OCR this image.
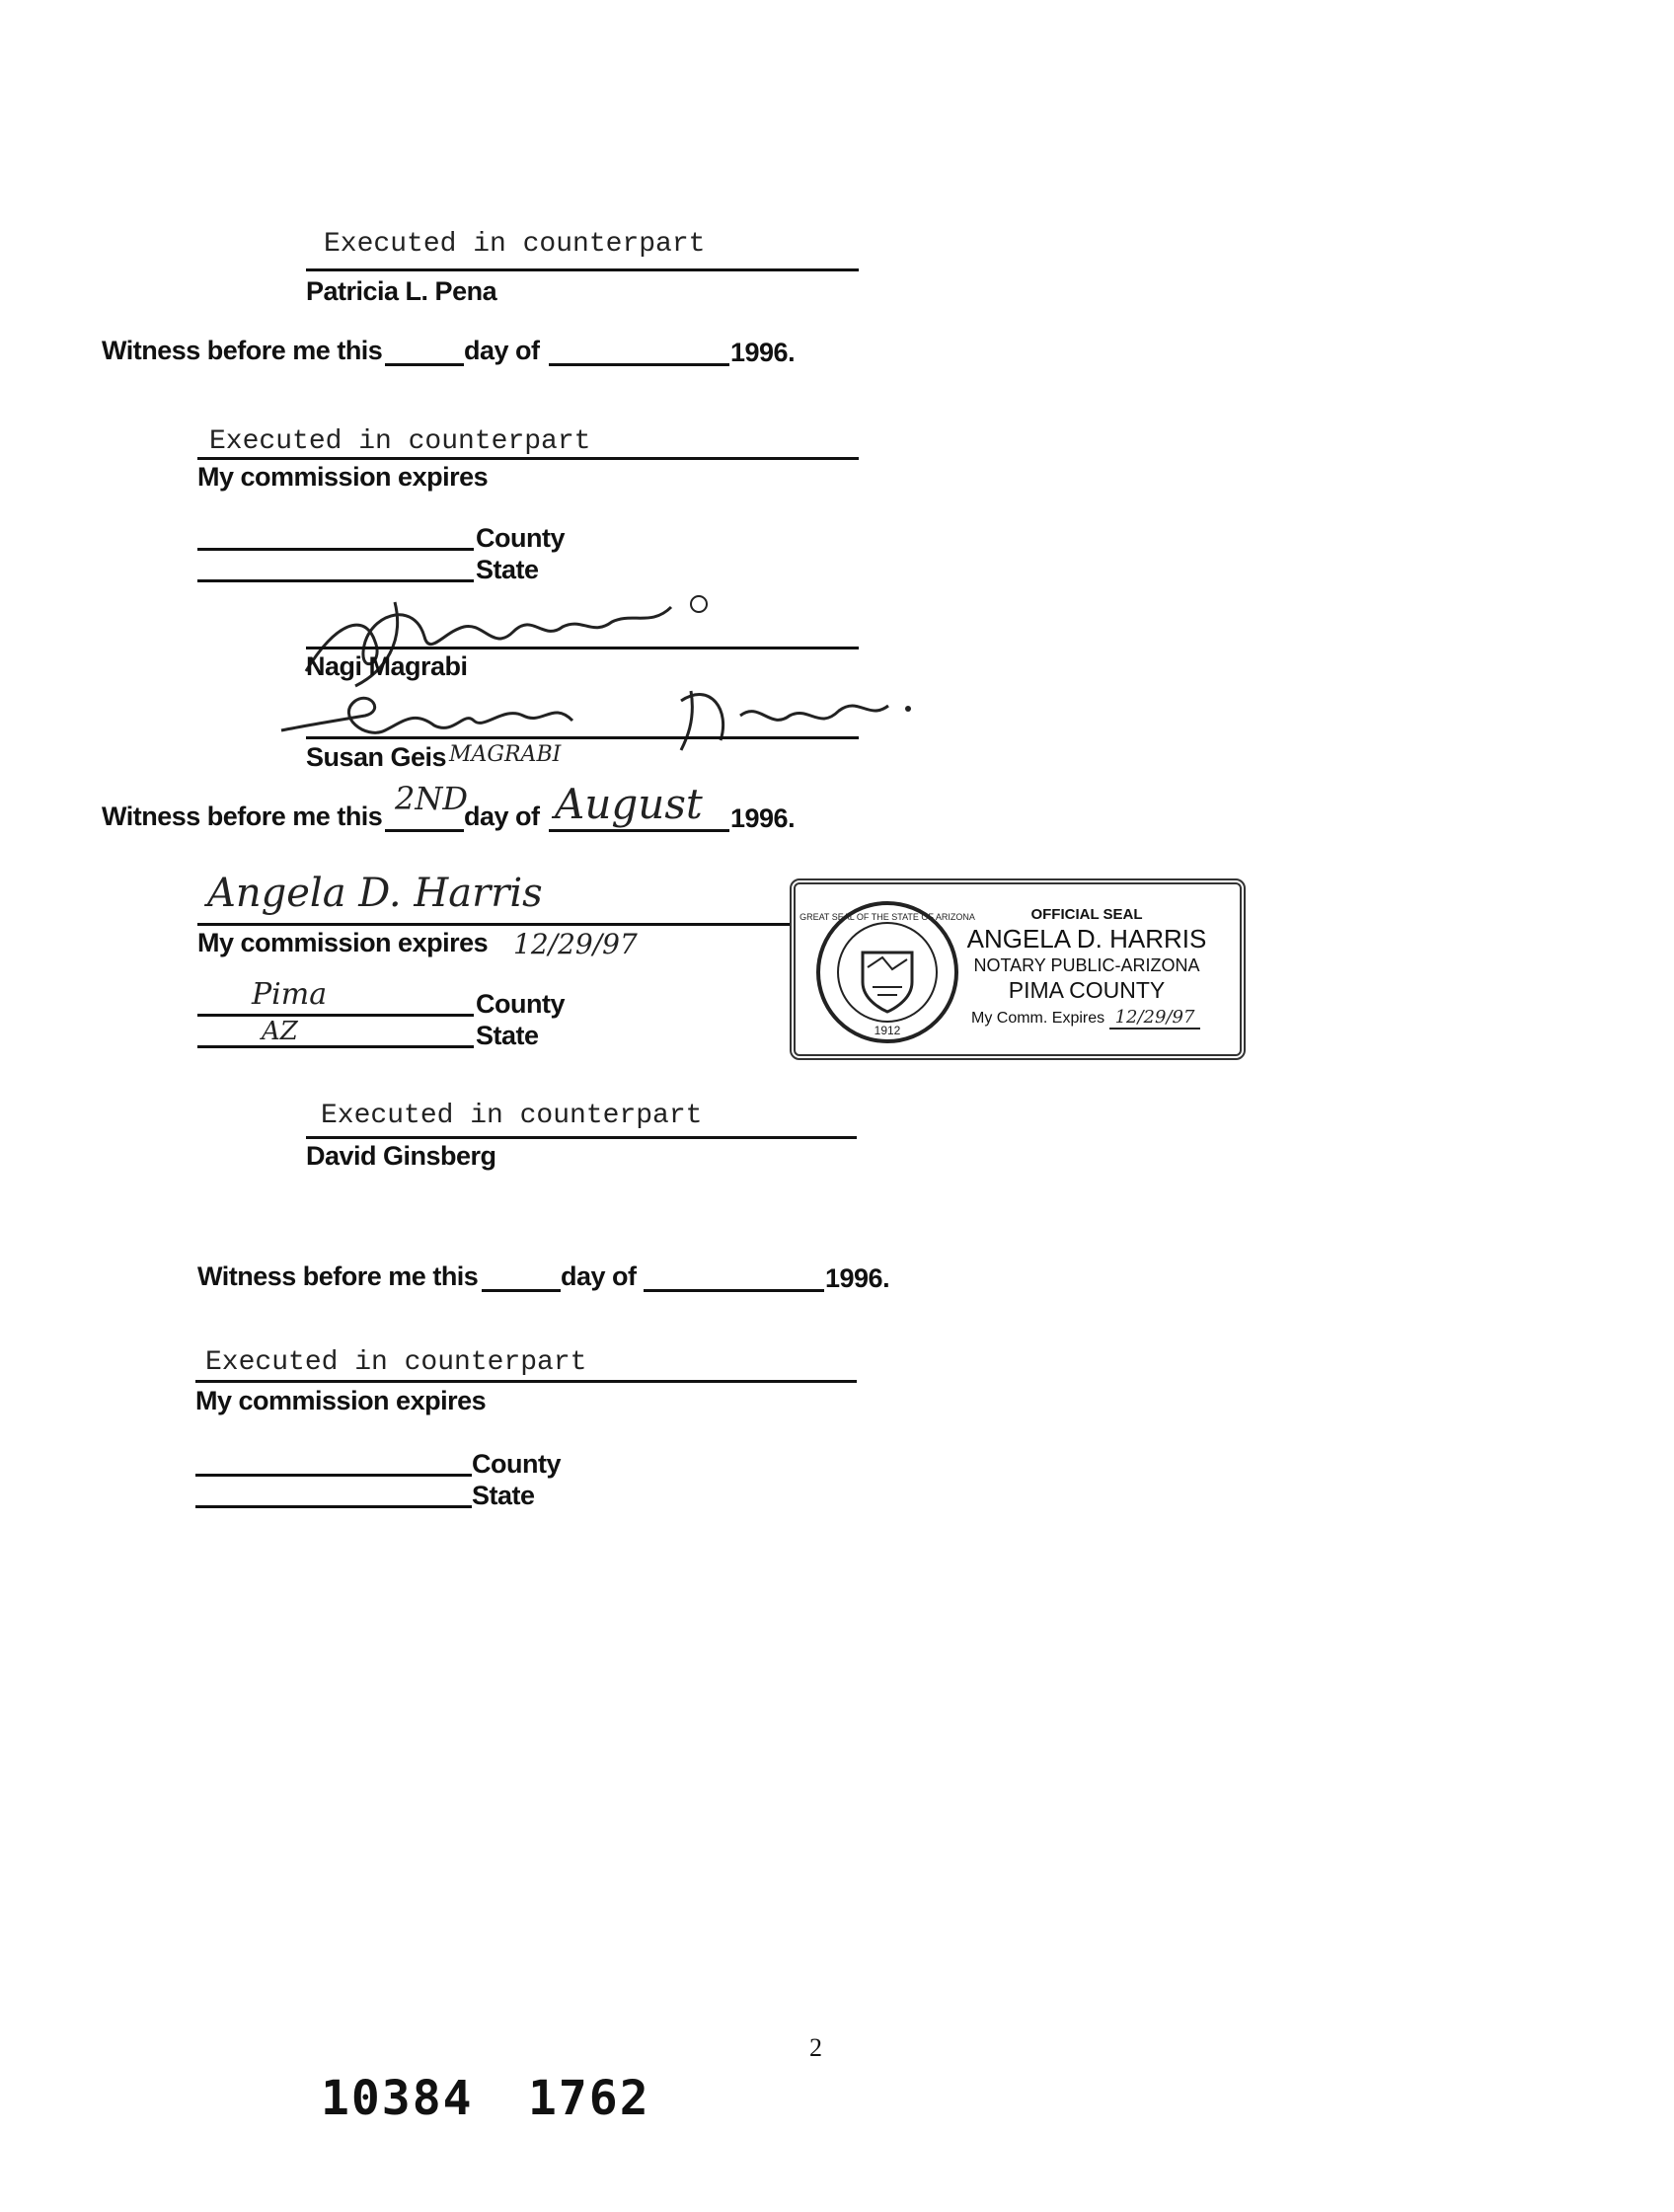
Executed in counterpart
Patricia L. Pena
Witness before me this	day of	1996.
Executed in counterpart
My commission expires
County
State
Nagi Magrabi
Susan Geis MAGRABI
Witness before me this 2ND
day of August 1996.
Angela D. Harris
My commission expires 12/29/97
Pima	County
AZ	State	1912
GREAT SEAL OF THE STATE OF ARIZONA	OFFICIAL SEAL
ANGELA D. HARRIS
NOTARY PUBLIC-ARIZONA
PIMA COUNTY
My Comm. Expires 12/29/97
Executed in counterpart
David Ginsberg
Witness before me this	day of	1996.
Executed in counterpart
My commission expires
County
State
2
10384 1762
